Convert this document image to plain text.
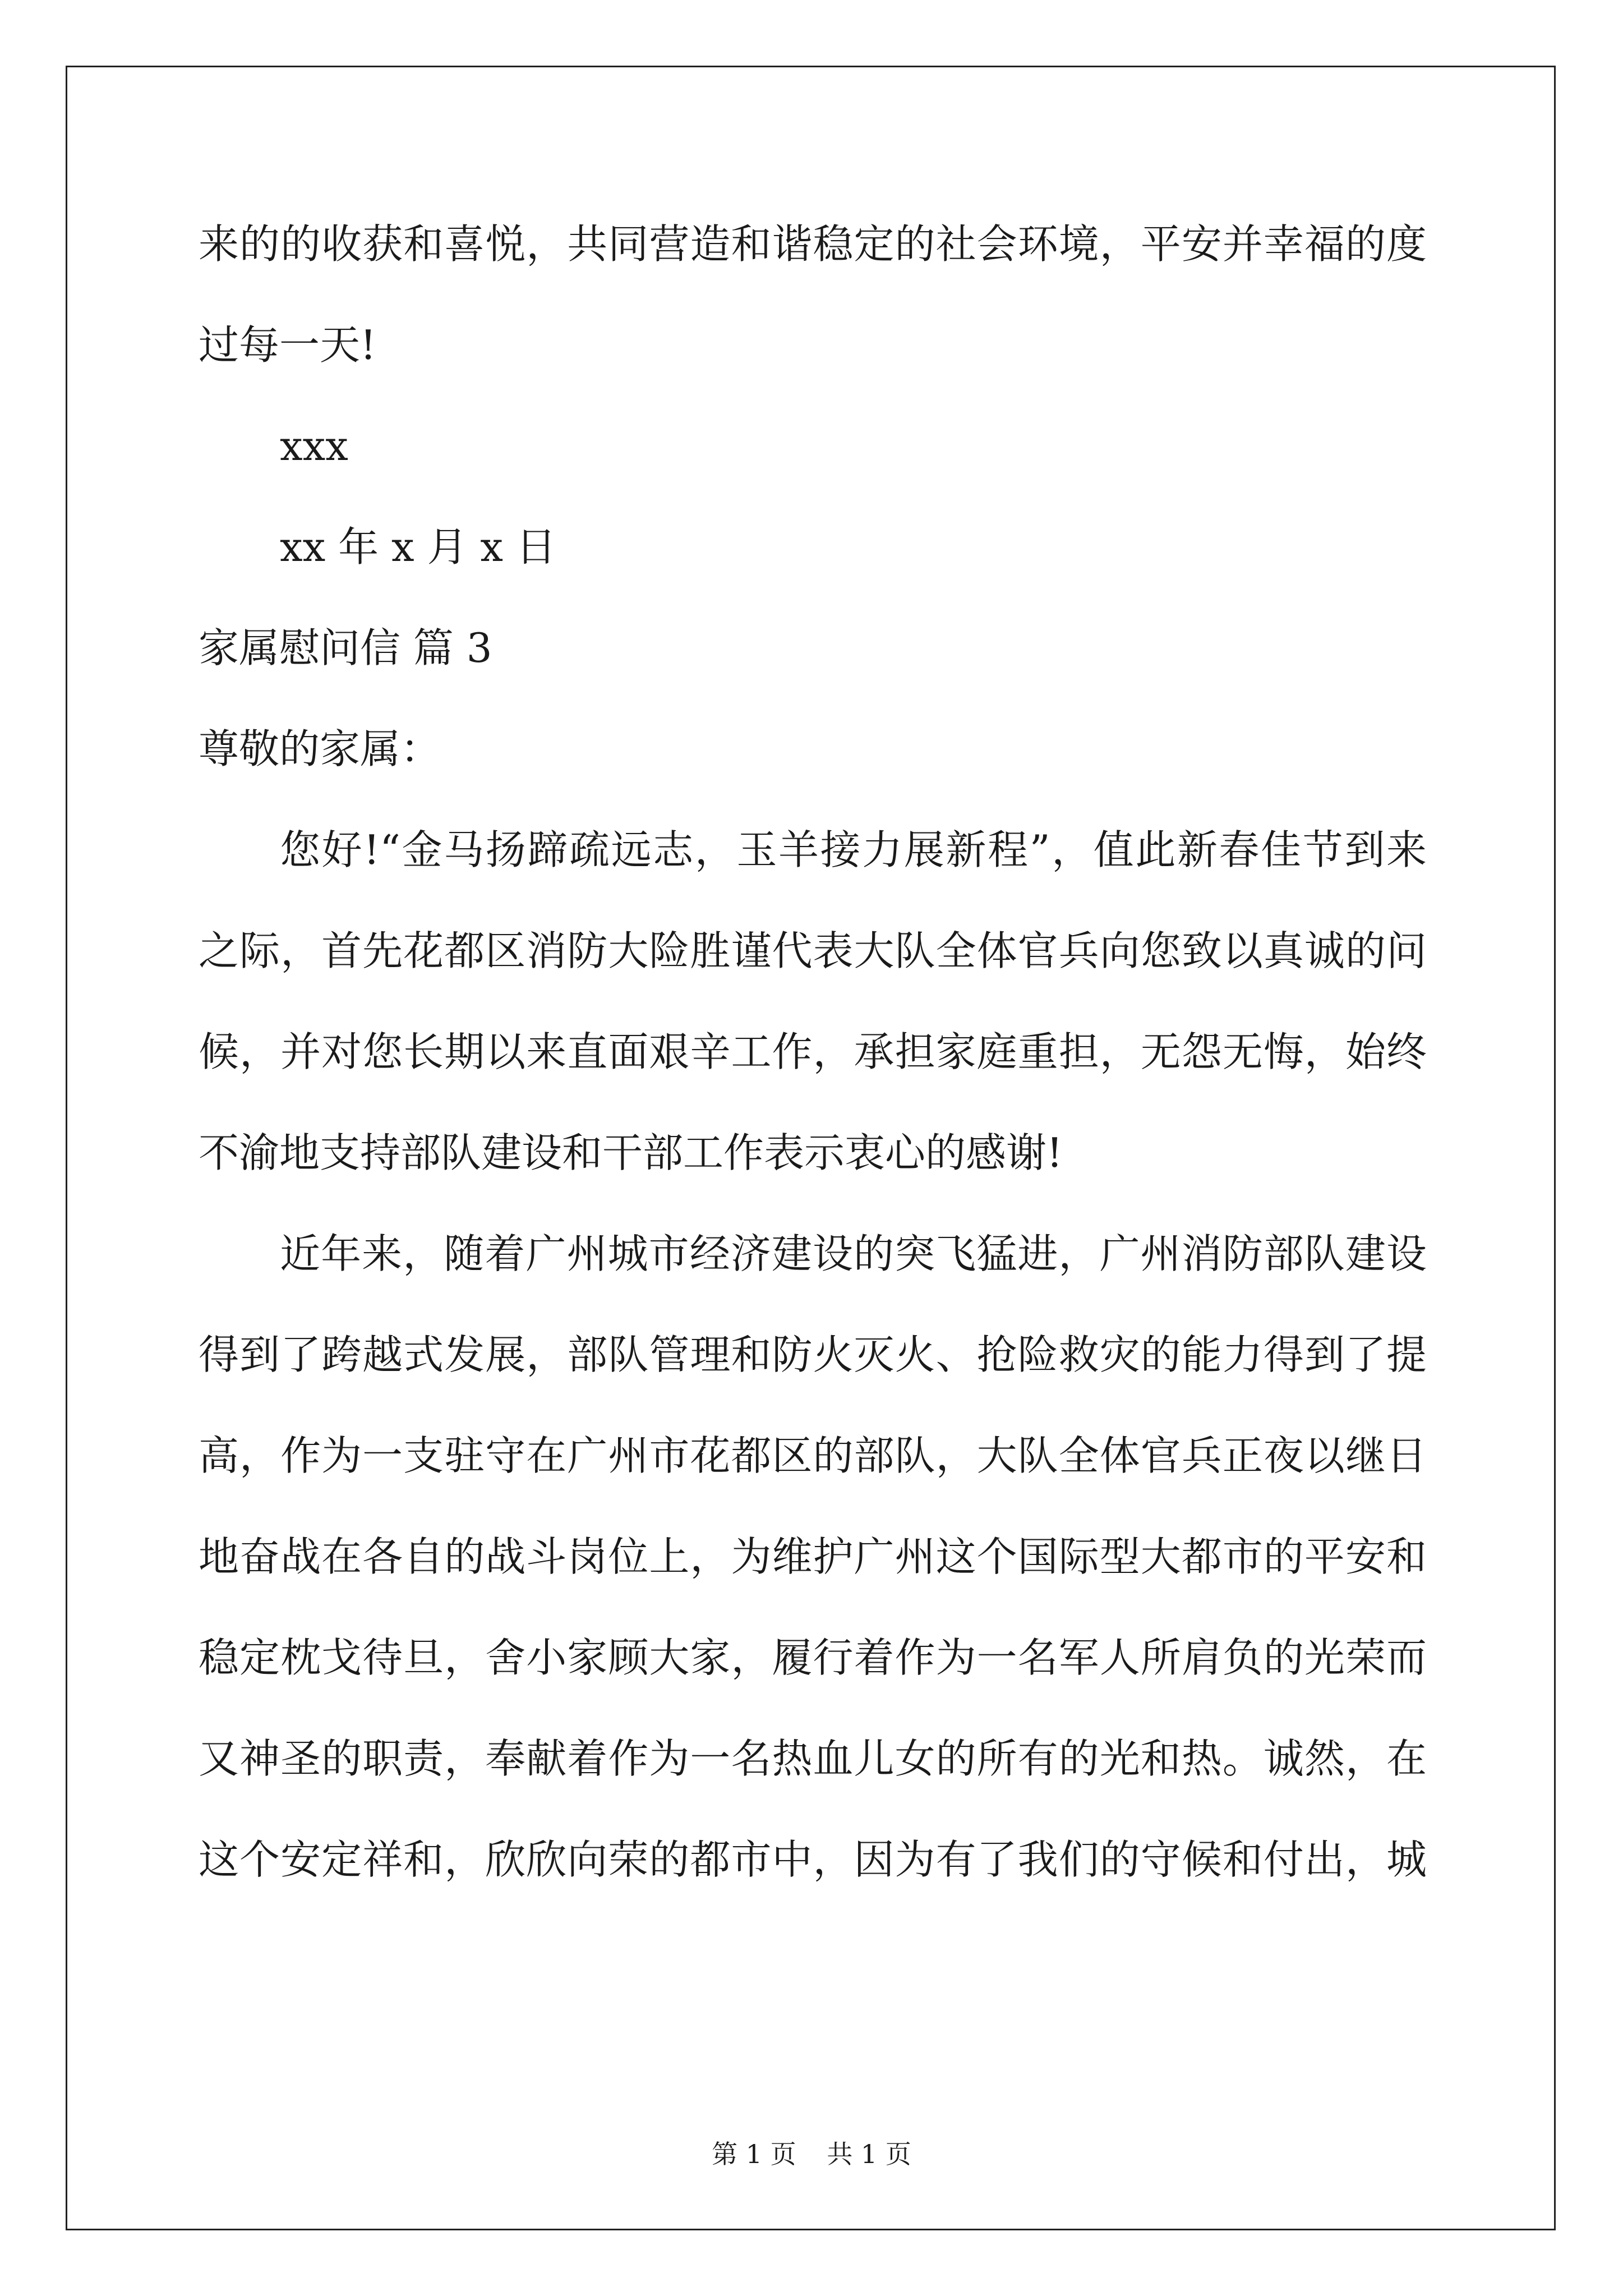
来的的收获和喜悦，共同营造和谐稳定的社会环境，平安并幸福的度
过每一天!
xxx
xx 年 x 月 x 日
家属慰问信 篇 3
尊敬的家属：
您好!“金马扬蹄疏远志，玉羊接力展新程”，值此新春佳节到来
之际，首先花都区消防大险胜谨代表大队全体官兵向您致以真诚的问
候，并对您长期以来直面艰辛工作，承担家庭重担，无怨无悔，始终
不渝地支持部队建设和干部工作表示衷心的感谢!
近年来，随着广州城市经济建设的突飞猛进，广州消防部队建设
得到了跨越式发展，部队管理和防火灭火、抢险救灾的能力得到了提
高，作为一支驻守在广州市花都区的部队，大队全体官兵正夜以继日
地奋战在各自的战斗岗位上，为维护广州这个国际型大都市的平安和
稳定枕戈待旦，舍小家顾大家，履行着作为一名军人所肩负的光荣而
又神圣的职责，奉献着作为一名热血儿女的所有的光和热。诚然，在
这个安定祥和，欣欣向荣的都市中，因为有了我们的守候和付出，城
第 1 页 共 1 页
